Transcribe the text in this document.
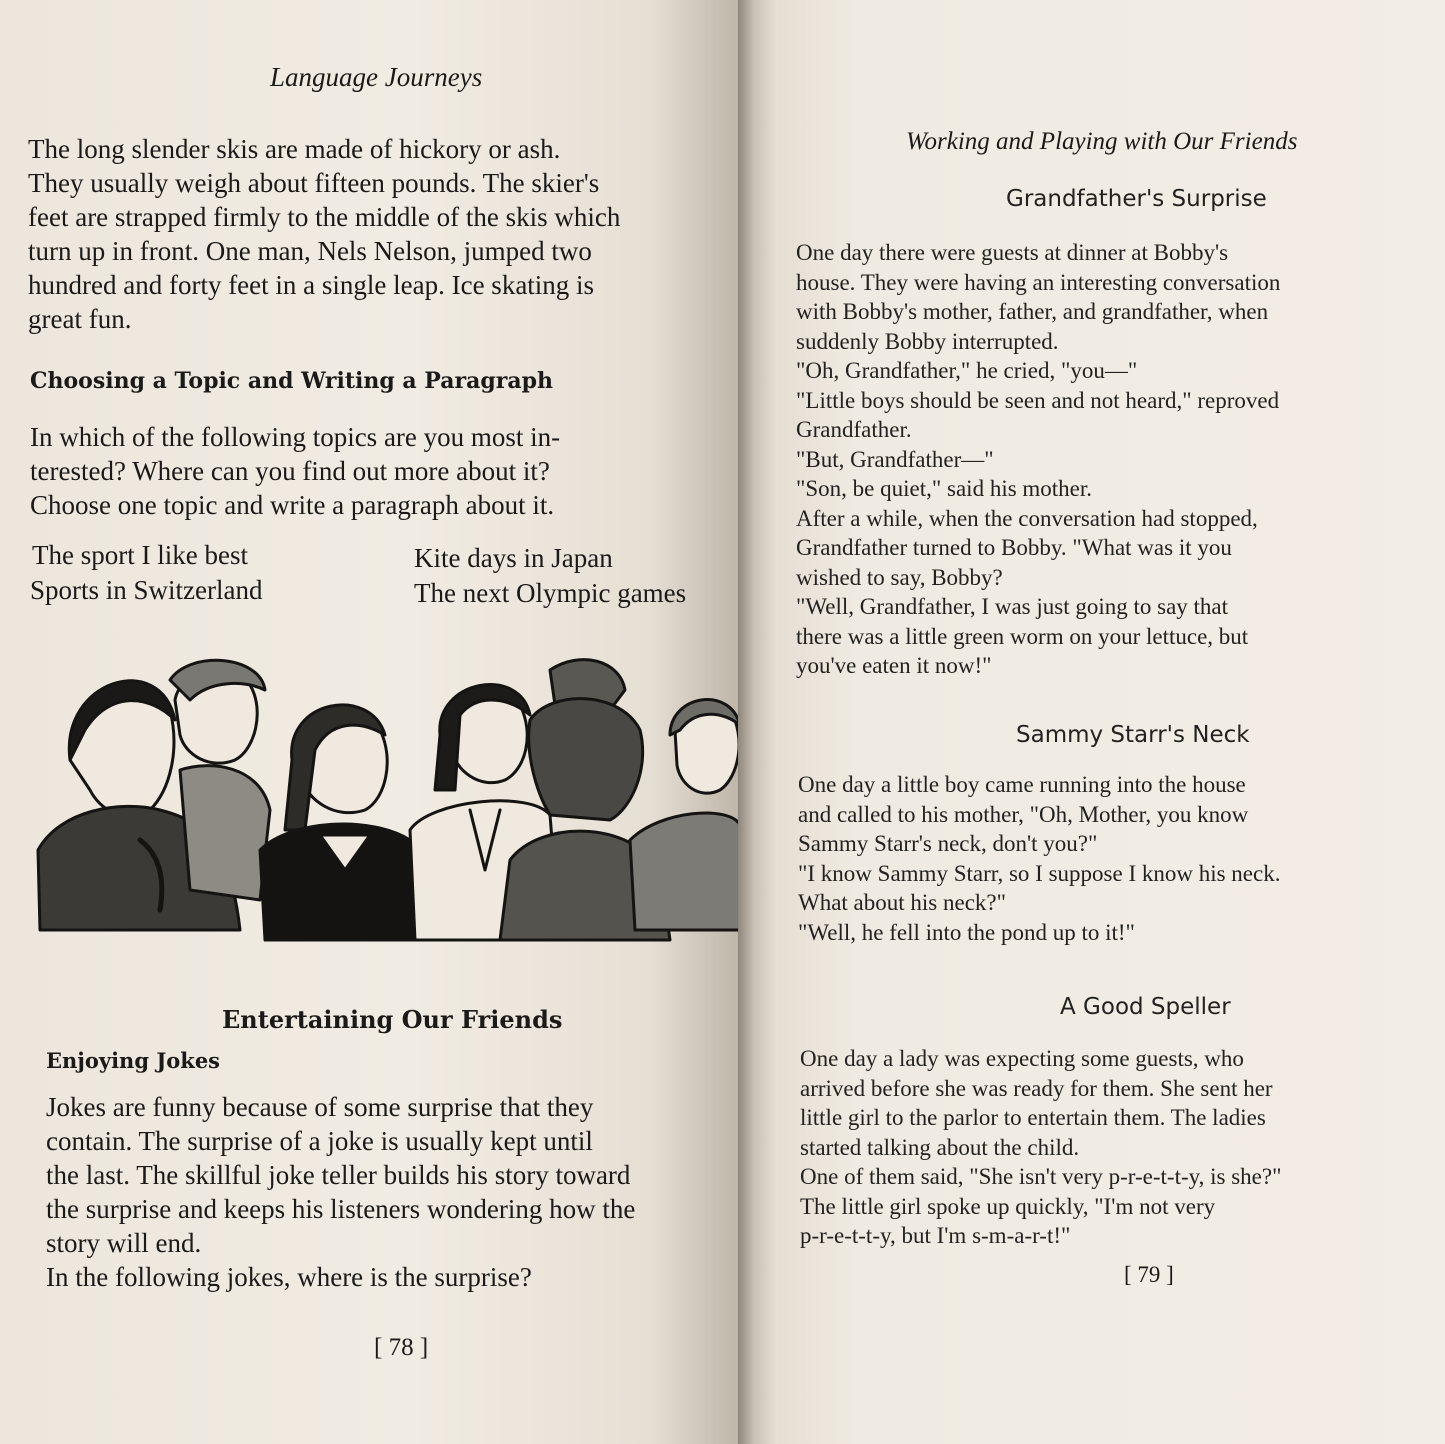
Language Journeys

The long slender skis are made of hickory or ash.
They usually weigh about fifteen pounds. The skier's
feet are strapped firmly to the middle of the skis which
turn up in front. One man, Nels Nelson, jumped two
hundred and forty feet in a single leap. Ice skating is
great fun.

Choosing a Topic and Writing a Paragraph

In which of the following topics are you most in-
terested? Where can you find out more about it?
Choose one topic and write a paragraph about it.

The sport I like best	Kite days in Japan
Sports in Switzerland	The next Olympic games
Entertaining Our Friends
Enjoying Jokes

Jokes are funny because of some surprise that they
contain. The surprise of a joke is usually kept until
the last. The skillful joke teller builds his story toward
the surprise and keeps his listeners wondering how the
story will end.
In the following jokes, where is the surprise?

[ 78 ]
Working and Playing with Our Friends
Grandfather's Surprise

One day there were guests at dinner at Bobby's
house. They were having an interesting conversation
with Bobby's mother, father, and grandfather, when
suddenly Bobby interrupted.
"Oh, Grandfather," he cried, "you—"
"Little boys should be seen and not heard," reproved
Grandfather.
"But, Grandfather—"
"Son, be quiet," said his mother.
After a while, when the conversation had stopped,
Grandfather turned to Bobby. "What was it you
wished to say, Bobby?
"Well, Grandfather, I was just going to say that
there was a little green worm on your lettuce, but
you've eaten it now!"

Sammy Starr's Neck

One day a little boy came running into the house
and called to his mother, "Oh, Mother, you know
Sammy Starr's neck, don't you?"
"I know Sammy Starr, so I suppose I know his neck.
What about his neck?"
"Well, he fell into the pond up to it!"

A Good Speller

One day a lady was expecting some guests, who
arrived before she was ready for them. She sent her
little girl to the parlor to entertain them. The ladies
started talking about the child.
One of them said, "She isn't very p-r-e-t-t-y, is she?"
The little girl spoke up quickly, "I'm not very
p-r-e-t-t-y, but I'm s-m-a-r-t!"

[ 79 ]
